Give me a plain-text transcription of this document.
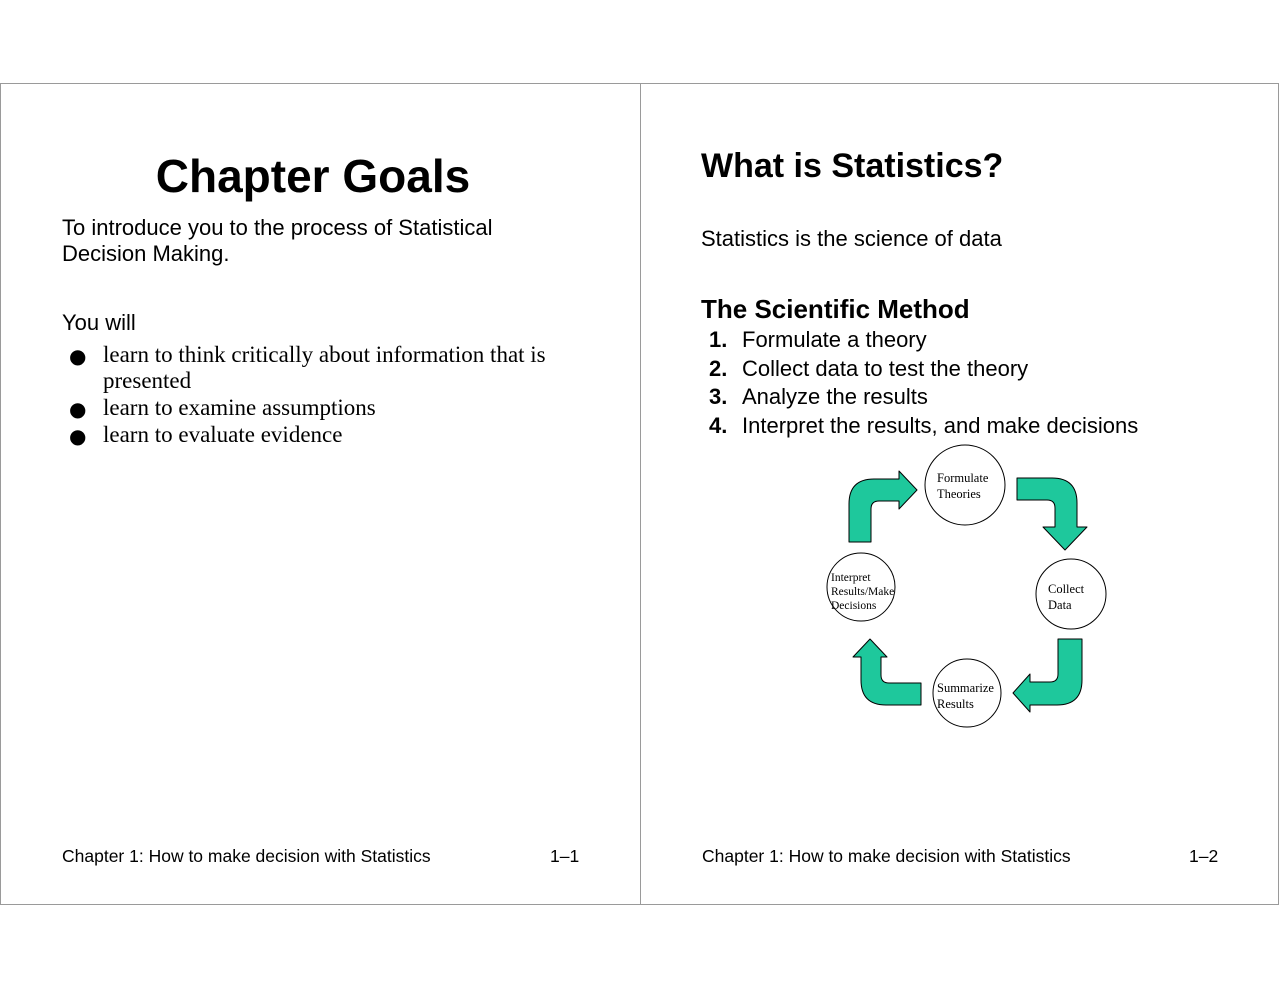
Chapter Goals

To introduce you to the process of Statistical Decision Making.

You will

● learn to think critically about information that is presented
● learn to examine assumptions
● learn to evaluate evidence

Chapter 1: How to make decision with Statistics	1–1

What is Statistics?

Statistics is the science of data

The Scientific Method
1. Formulate a theory
2. Collect data to test the theory
3. Analyze the results
4. Interpret the results, and make decisions
Formulate
Theories
Collect
Data
Summarize
Results
Interpret
Results/Make
Decisions

Chapter 1: How to make decision with Statistics	1–2
